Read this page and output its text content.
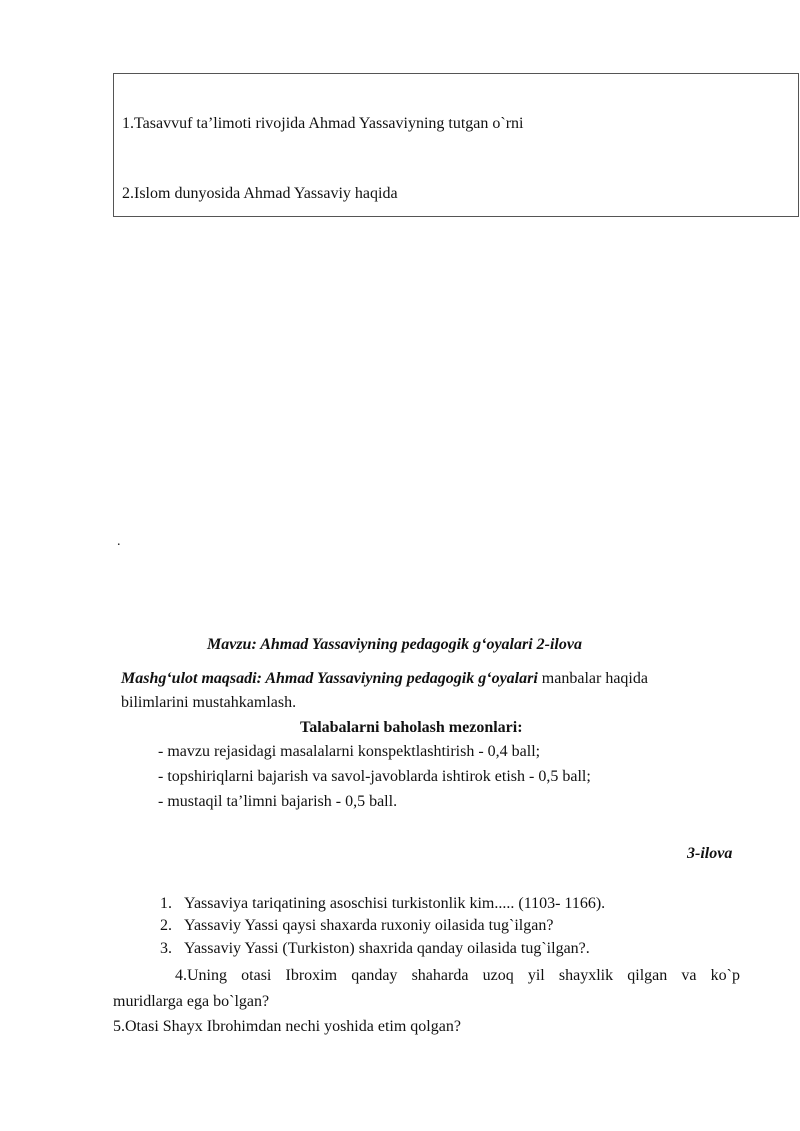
1.Tasavvuf ta’limoti rivojida Ahmad Yassaviyning tutgan o`rni
2.Islom dunyosida Ahmad Yassaviy haqida
.
Mavzu: Ahmad Yassaviyning pedagogik g‘oyalari 2-ilova
Mashg‘ulot maqsadi: Ahmad Yassaviyning pedagogik g‘oyalari manbalar haqida
bilimlarini mustahkamlash.
Talabalarni baholash mezonlari:
- mavzu rejasidagi masalalarni konspektlashtirish - 0,4 ball;
- topshiriqlarni bajarish va savol-javoblarda ishtirok etish - 0,5 ball;
- mustaqil ta’limni bajarish - 0,5 ball.
3-ilova
1. Yassaviya tariqatining asoschisi turkistonlik kim..... (1103- 1166).
2. Yassaviy Yassi qaysi shaxarda ruxoniy oilasida tug`ilgan?
3. Yassaviy Yassi (Turkiston) shaxrida qanday oilasida tug`ilgan?.
4.Uning otasi Ibroxim qanday shaharda uzoq yil shayxlik qilgan va ko`p
muridlarga ega bo`lgan?
5.Otasi Shayx Ibrohimdan nechi yoshida etim qolgan?
